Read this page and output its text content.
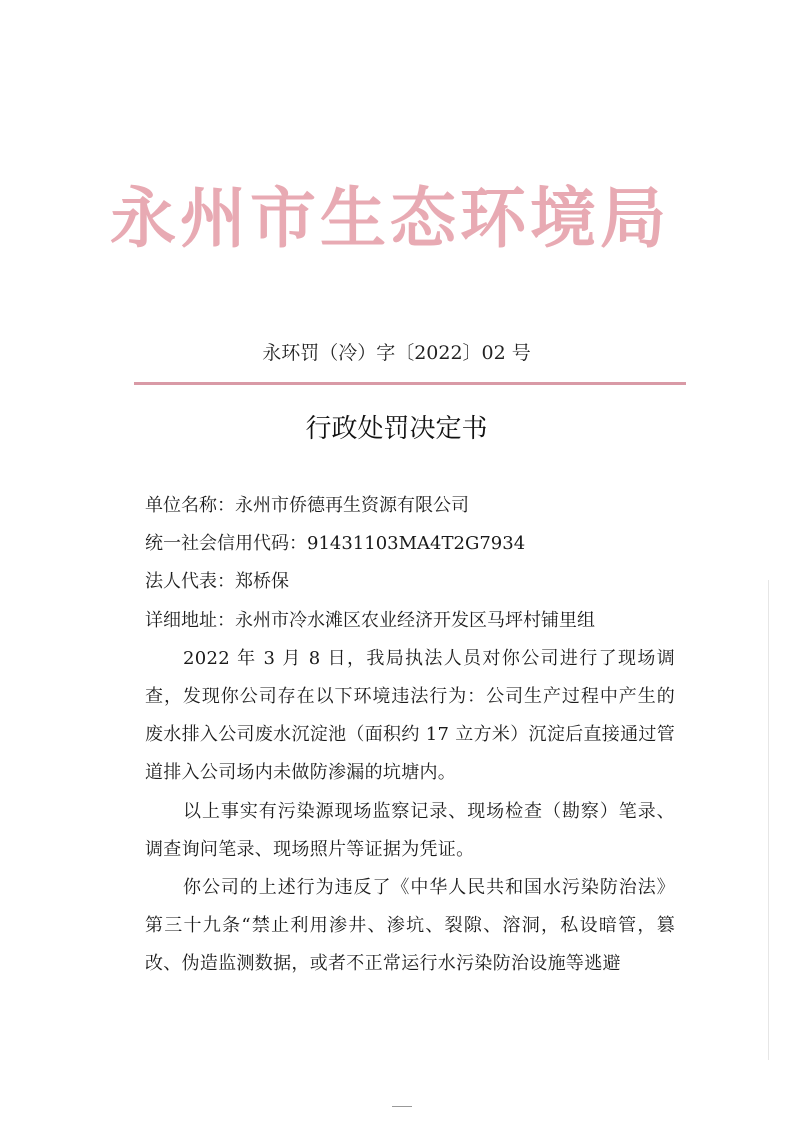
永州市生态环境局
永环罚（冷）字〔2022〕02 号
行政处罚决定书
单位名称：永州市侨德再生资源有限公司
统一社会信用代码：91431103MA4T2G7934
法人代表：郑桥保
详细地址：永州市冷水滩区农业经济开发区马坪村铺里组

2022 年 3 月 8 日，我局执法人员对你公司进行了现场调查，发现你公司存在以下环境违法行为：公司生产过程中产生的废水排入公司废水沉淀池（面积约 17 立方米）沉淀后直接通过管道排入公司场内未做防渗漏的坑塘内。

以上事实有污染源现场监察记录、现场检查（勘察）笔录、调查询问笔录、现场照片等证据为凭证。

你公司的上述行为违反了《中华人民共和国水污染防治法》第三十九条“禁止利用渗井、渗坑、裂隙、溶洞，私设暗管，篡改、伪造监测数据，或者不正常运行水污染防治设施等逃避
